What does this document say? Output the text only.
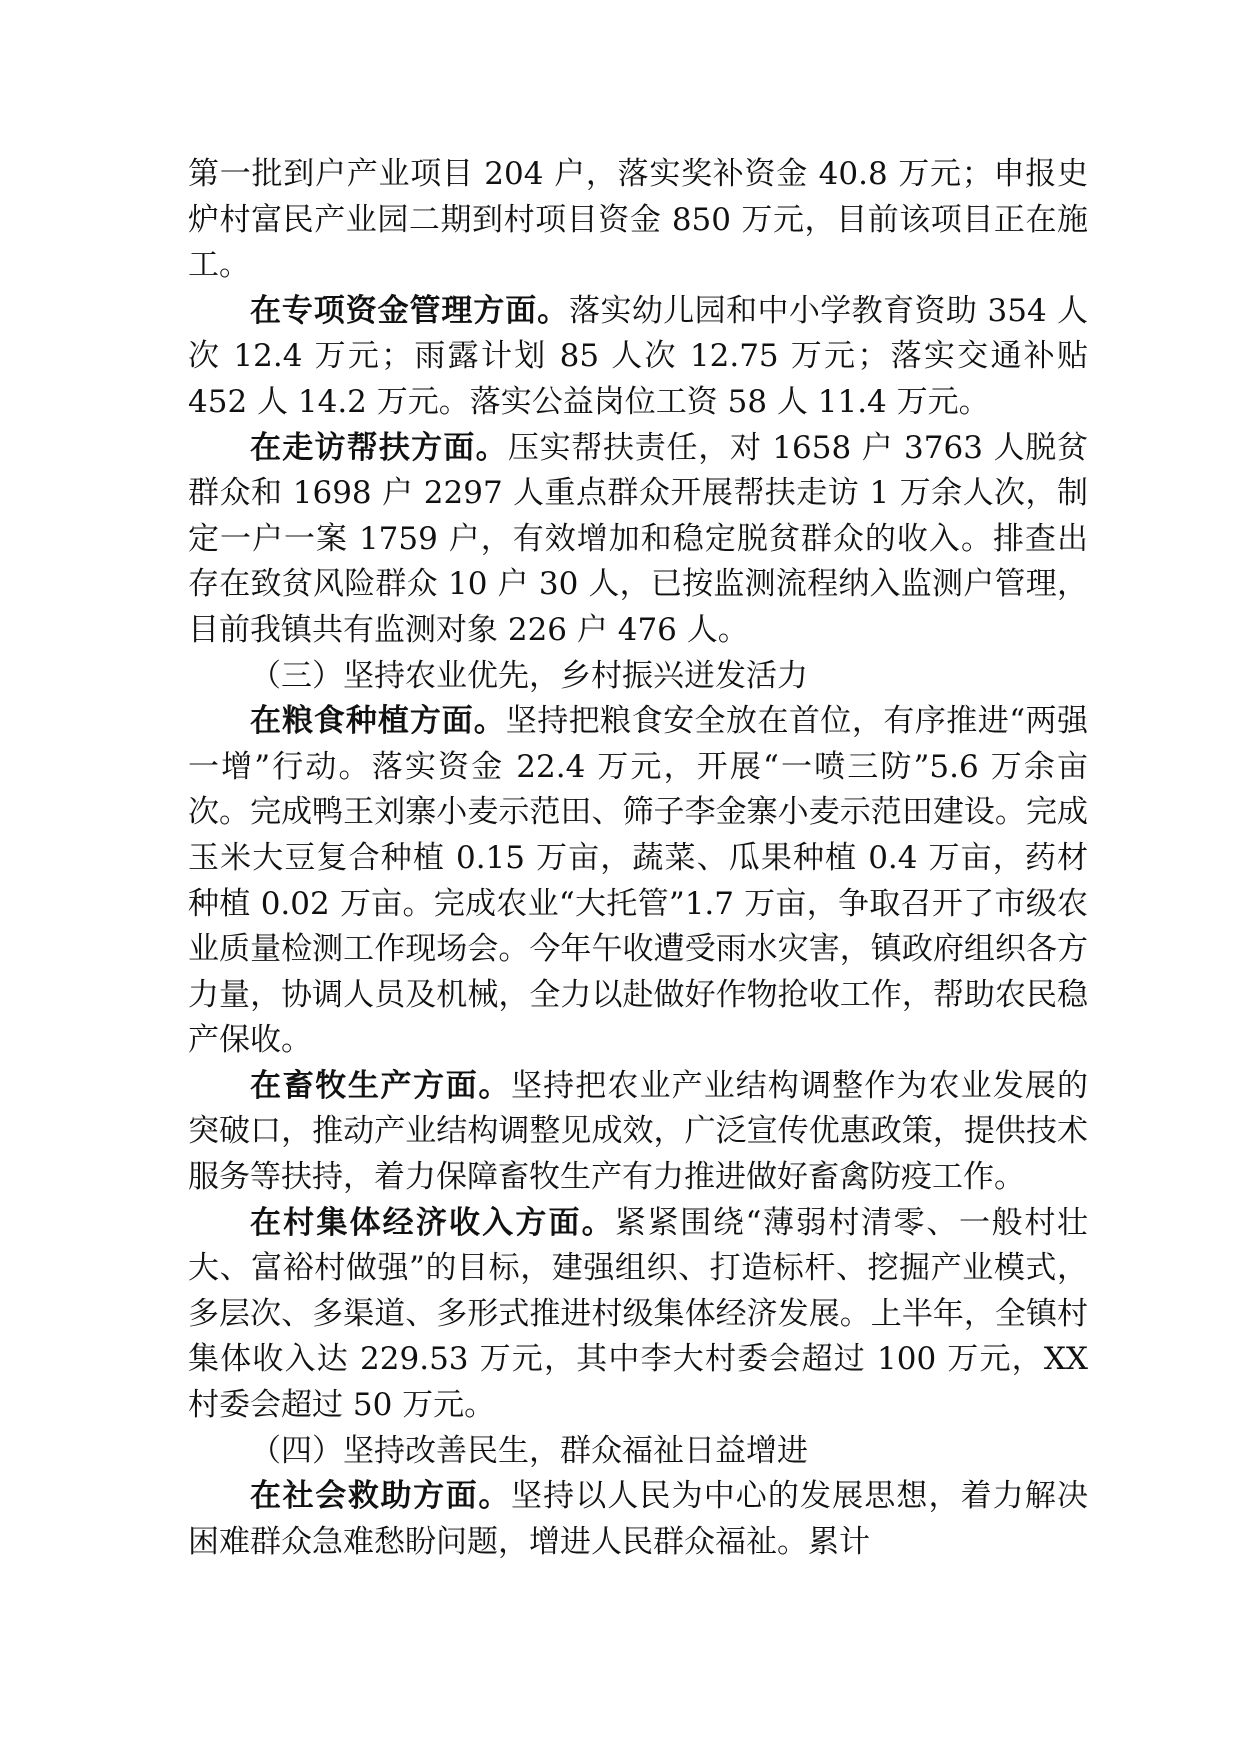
第一批到户产业项目 204 户，落实奖补资金 40.8 万元；申报史炉村富民产业园二期到村项目资金 850 万元，目前该项目正在施工。

在专项资金管理方面。落实幼儿园和中小学教育资助 354 人次 12.4 万元；雨露计划 85 人次 12.75 万元；落实交通补贴 452 人 14.2 万元。落实公益岗位工资 58 人 11.4 万元。

在走访帮扶方面。压实帮扶责任，对 1658 户 3763 人脱贫群众和 1698 户 2297 人重点群众开展帮扶走访 1 万余人次，制定一户一案 1759 户，有效增加和稳定脱贫群众的收入。排查出存在致贫风险群众 10 户 30 人，已按监测流程纳入监测户管理，目前我镇共有监测对象 226 户 476 人。

（三）坚持农业优先，乡村振兴迸发活力

在粮食种植方面。坚持把粮食安全放在首位，有序推进“两强一增”行动。落实资金 22.4 万元，开展“一喷三防”5.6 万余亩次。完成鸭王刘寨小麦示范田、筛子李金寨小麦示范田建设。完成玉米大豆复合种植 0.15 万亩，蔬菜、瓜果种植 0.4 万亩，药材种植 0.02 万亩。完成农业“大托管”1.7 万亩，争取召开了市级农业质量检测工作现场会。今年午收遭受雨水灾害，镇政府组织各方力量，协调人员及机械，全力以赴做好作物抢收工作，帮助农民稳产保收。

在畜牧生产方面。坚持把农业产业结构调整作为农业发展的突破口，推动产业结构调整见成效，广泛宣传优惠政策，提供技术服务等扶持，着力保障畜牧生产有力推进做好畜禽防疫工作。

在村集体经济收入方面。紧紧围绕“薄弱村清零、一般村壮大、富裕村做强”的目标，建强组织、打造标杆、挖掘产业模式，多层次、多渠道、多形式推进村级集体经济发展。上半年，全镇村集体收入达 229.53 万元，其中李大村委会超过 100 万元，XX 村委会超过 50 万元。

（四）坚持改善民生，群众福祉日益增进

在社会救助方面。坚持以人民为中心的发展思想，着力解决困难群众急难愁盼问题，增进人民群众福祉。累计
